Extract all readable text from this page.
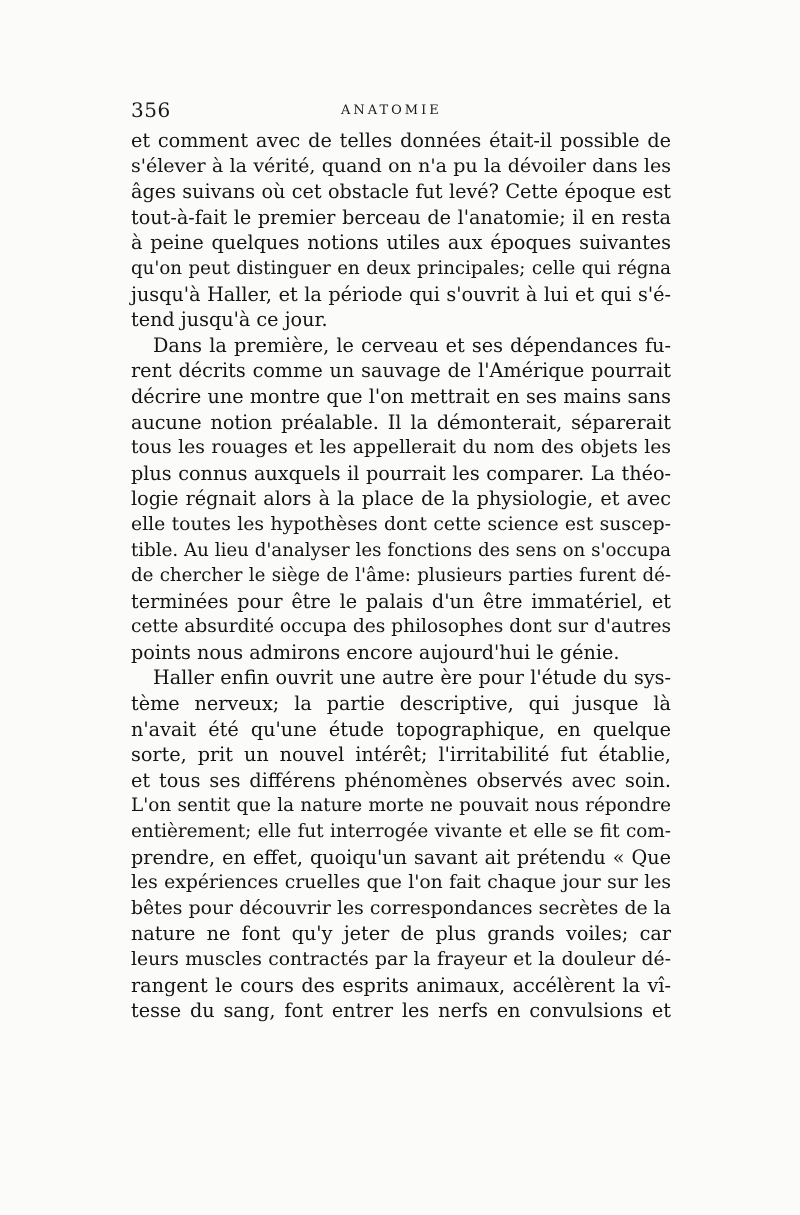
356	ANATOMIE
et comment avec de telles données était-il possible de
s'élever à la vérité, quand on n'a pu la dévoiler dans les
âges suivans où cet obstacle fut levé? Cette époque est
tout-à-fait le premier berceau de l'anatomie; il en resta
à peine quelques notions utiles aux époques suivantes
qu'on peut distinguer en deux principales; celle qui régna
jusqu'à Haller, et la période qui s'ouvrit à lui et qui s'é-
tend jusqu'à ce jour.
Dans la première, le cerveau et ses dépendances fu-
rent décrits comme un sauvage de l'Amérique pourrait
décrire une montre que l'on mettrait en ses mains sans
aucune notion préalable. Il la démonterait, séparerait
tous les rouages et les appellerait du nom des objets les
plus connus auxquels il pourrait les comparer. La théo-
logie régnait alors à la place de la physiologie, et avec
elle toutes les hypothèses dont cette science est suscep-
tible. Au lieu d'analyser les fonctions des sens on s'occupa
de chercher le siège de l'âme: plusieurs parties furent dé-
terminées pour être le palais d'un être immatériel, et
cette absurdité occupa des philosophes dont sur d'autres
points nous admirons encore aujourd'hui le génie.
Haller enfin ouvrit une autre ère pour l'étude du sys-
tème nerveux; la partie descriptive, qui jusque là
n'avait été qu'une étude topographique, en quelque
sorte, prit un nouvel intérêt; l'irritabilité fut établie,
et tous ses différens phénomènes observés avec soin.
L'on sentit que la nature morte ne pouvait nous répondre
entièrement; elle fut interrogée vivante et elle se fit com-
prendre, en effet, quoiqu'un savant ait prétendu « Que
les expériences cruelles que l'on fait chaque jour sur les
bêtes pour découvrir les correspondances secrètes de la
nature ne font qu'y jeter de plus grands voiles; car
leurs muscles contractés par la frayeur et la douleur dé-
rangent le cours des esprits animaux, accélèrent la vî-
tesse du sang, font entrer les nerfs en convulsions et
